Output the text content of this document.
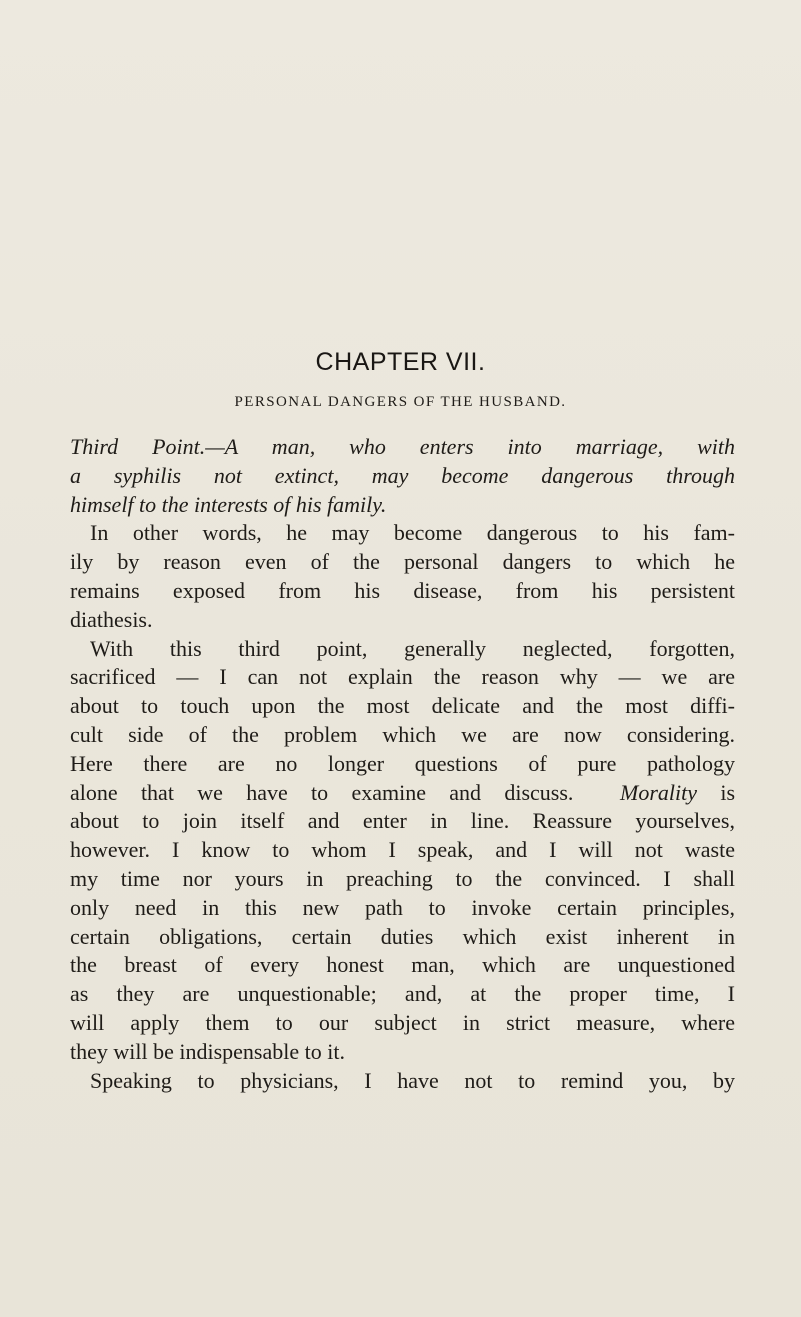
CHAPTER VII.
PERSONAL DANGERS OF THE HUSBAND.
Third Point.—A man, who enters into marriage, with
a syphilis not extinct, may become dangerous through
himself to the interests of his family.
In other words, he may become dangerous to his fam-
ily by reason even of the personal dangers to which he
remains exposed from his disease, from his persistent
diathesis.
With this third point, generally neglected, forgotten,
sacrificed — I can not explain the reason why — we are
about to touch upon the most delicate and the most diffi-
cult side of the problem which we are now considering.
Here there are no longer questions of pure pathology
alone that we have to examine and discuss. Morality is
about to join itself and enter in line. Reassure yourselves,
however. I know to whom I speak, and I will not waste
my time nor yours in preaching to the convinced. I shall
only need in this new path to invoke certain principles,
certain obligations, certain duties which exist inherent in
the breast of every honest man, which are unquestioned
as they are unquestionable; and, at the proper time, I
will apply them to our subject in strict measure, where
they will be indispensable to it.
Speaking to physicians, I have not to remind you, by
